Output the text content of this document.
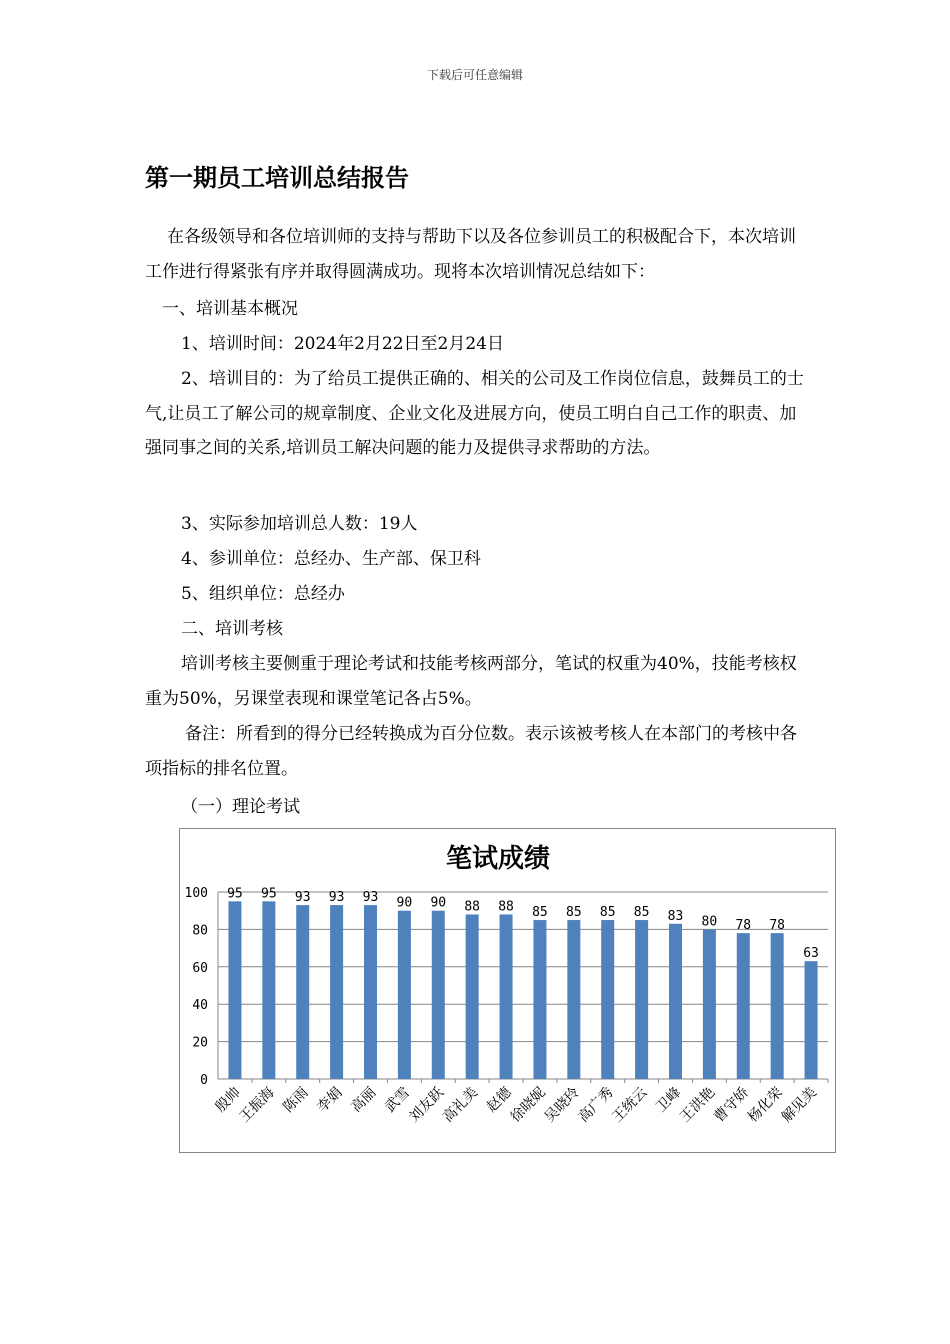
下载后可任意编辑
第一期员工培训总结报告
在各级领导和各位培训师的支持与帮助下以及各位参训员工的积极配合下，本次培训工作进行得紧张有序并取得圆满成功。现将本次培训情况总结如下：
一、培训基本概况
1、培训时间：2024年2月22日至2月24日
2、培训目的：为了给员工提供正确的、相关的公司及工作岗位信息，鼓舞员工的士气,让员工了解公司的规章制度、企业文化及进展方向，使员工明白自己工作的职责、加强同事之间的关系,培训员工解决问题的能力及提供寻求帮助的方法。
3、实际参加培训总人数：19人
4、参训单位：总经办、生产部、保卫科
5、组织单位：总经办
二、培训考核
培训考核主要侧重于理论考试和技能考核两部分，笔试的权重为40%，技能考核权重为50%，另课堂表现和课堂笔记各占5%。
备注：所看到的得分已经转换成为百分位数。表示该被考核人在本部门的考核中各项指标的排名位置。
（一）理论考试
笔试成绩
0
20
40
60
80
100 95
殷帅
95
王振海
93
陈雨
93
李娟
93
高丽
90
武雪
90
刘友跃
88
高礼美
88
赵德
85
徐晓妮
85
吴晓玲
85
高广秀
85
王统云
83
卫峰
80
王洪艳
78
曹守娇
78
杨化荣
63
解见美
